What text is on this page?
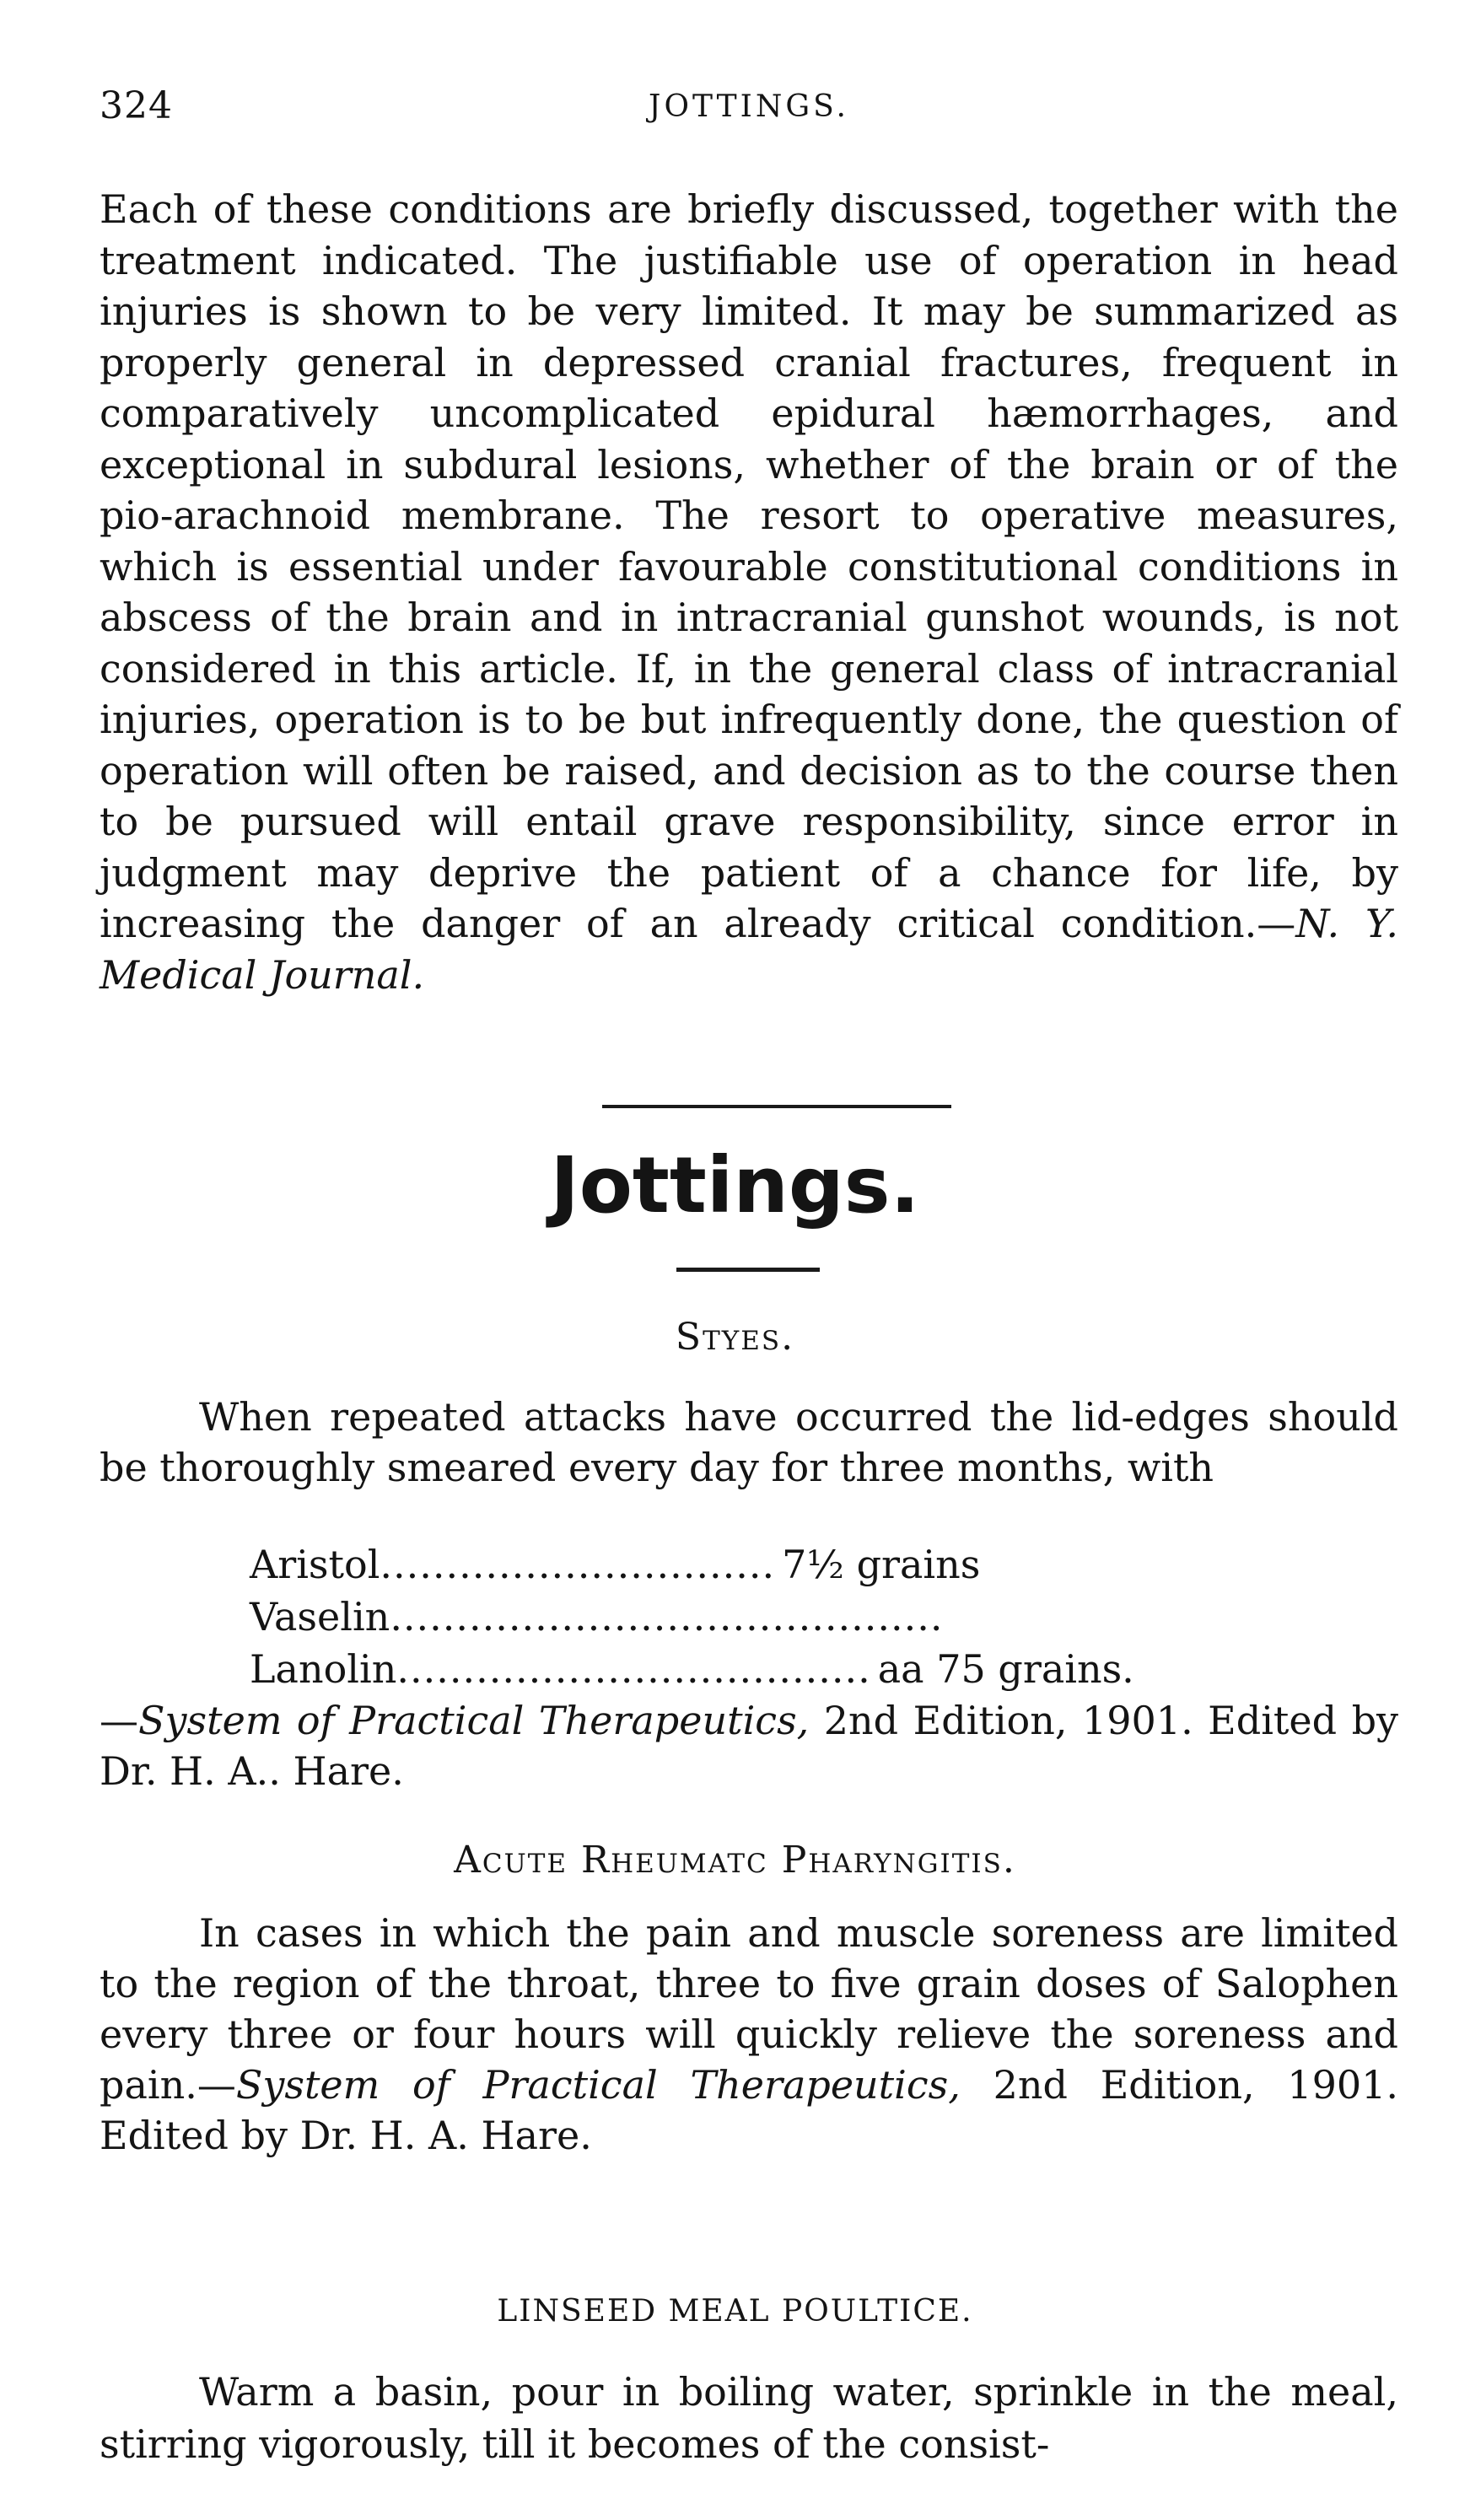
324	JOTTINGS.

Each of these conditions are briefly discussed, together with the treatment indicated. The justifiable use of operation in head injuries is shown to be very limited. It may be summarized as properly general in depressed cranial fractures, frequent in comparatively uncomplicated epidural hæmorrhages, and exceptional in subdural lesions, whether of the brain or of the pio-arachnoid membrane. The resort to operative measures, which is essential under favourable constitutional conditions in abscess of the brain and in intracranial gunshot wounds, is not considered in this article. If, in the general class of intracranial injuries, operation is to be but infrequently done, the question of operation will often be raised, and decision as to the course then to be pursued will entail grave responsibility, since error in judgment may deprive the patient of a chance for life, by increasing the danger of an already critical condition.—N. Y. Medical Journal.

Jottings.
Styes.

When repeated attacks have occurred the lid-edges should be thoroughly smeared every day for three months, with

Aristol.............................. 7½ grains
Vaselin..........................................
Lanolin.................................... aa 75 grains.

—System of Practical Therapeutics, 2nd Edition, 1901. Edited by Dr. H. A.. Hare.

Acute Rheumatc Pharyngitis.

In cases in which the pain and muscle soreness are limited to the region of the throat, three to five grain doses of Salophen every three or four hours will quickly relieve the soreness and pain.—System of Practical Therapeutics, 2nd Edition, 1901. Edited by Dr. H. A. Hare.

LINSEED MEAL POULTICE.

Warm a basin, pour in boiling water, sprinkle in the meal, stirring vigorously, till it becomes of the consist-
